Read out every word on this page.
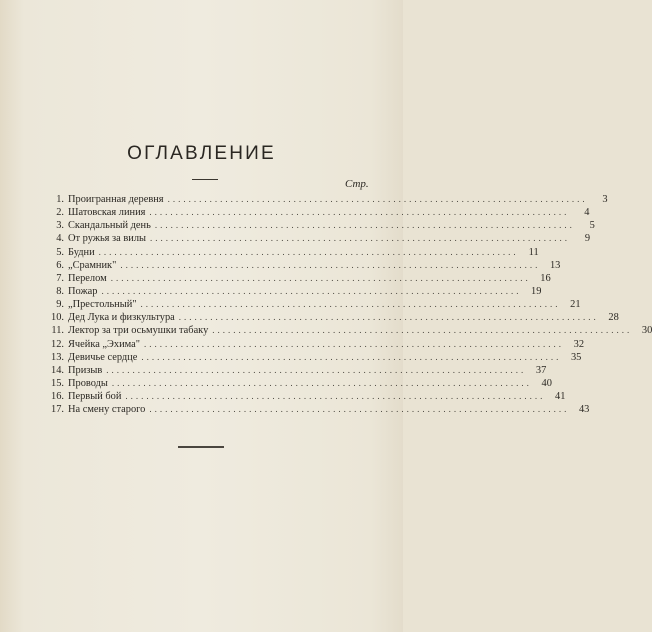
ОГЛАВЛЕНИЕ
Стр.
1. Проигранная деревня ................................................................................	3
2. Шатовская линия ................................................................................	4
3. Скандальный день ................................................................................	5
4. От ружья за вилы ................................................................................	9
5. Будни ................................................................................ 11
6. „Срамник" ................................................................................ 13
7. Перелом ................................................................................ 16
8. Пожар ................................................................................ 19
9. „Престольный" ................................................................................ 21
10. Дед Лука и физкультура ................................................................................ 28
11. Лектор за три осьмушки табаку ................................................................................ 30
12. Ячейка „Эхима" ................................................................................ 32
13. Девичье сердце ................................................................................ 35
14. Призыв ................................................................................ 37
15. Проводы ................................................................................ 40
16. Первый бой ................................................................................ 41
17. На смену старого ................................................................................ 43
